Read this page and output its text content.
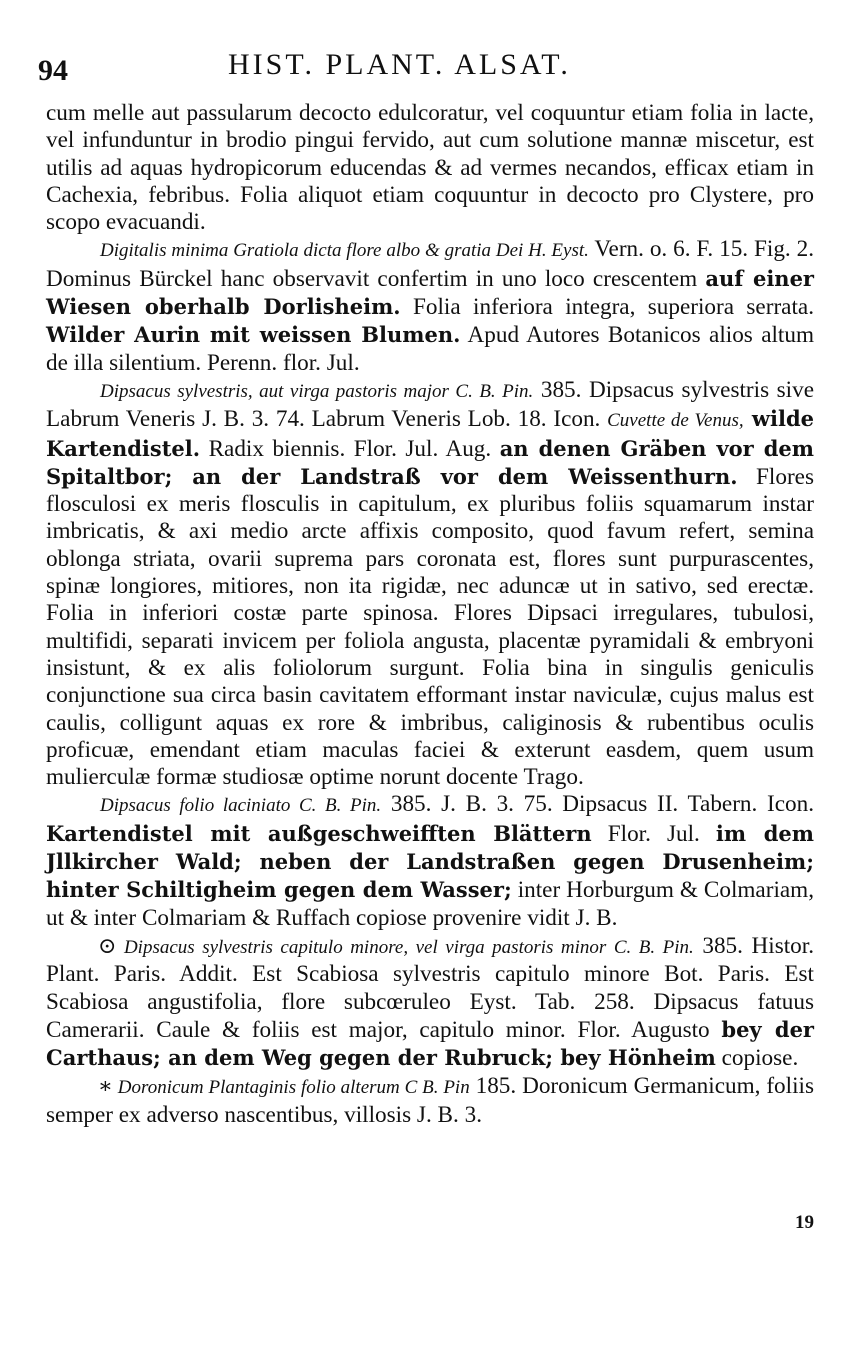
94	HIST. PLANT. ALSAT.

cum melle aut passularum decocto edulcoratur, vel coquuntur etiam folia in lacte, vel infunduntur in brodio pingui fervido, aut cum solutione mannæ miscetur, est utilis ad aquas hydropicorum educendas & ad vermes necandos, efficax etiam in Cachexia, febribus. Folia aliquot etiam coquuntur in decocto pro Clystere, pro scopo evacuandi.

Digitalis minima Gratiola dicta flore albo & gratia Dei H. Eyst. Vern. o. 6. F. 15. Fig. 2. Dominus Bürckel hanc observavit confertim in uno loco crescentem auf einer Wiesen oberhalb Dorlisheim. Folia inferiora integra, superiora serrata. Wilder Aurin mit weissen Blumen. Apud Autores Botanicos alios altum de illa silentium. Perenn. flor. Jul.

Dipsacus sylvestris, aut virga pastoris major C. B. Pin. 385. Dipsacus sylvestris sive Labrum Veneris J. B. 3. 74. Labrum Veneris Lob. 18. Icon. Cuvette de Venus, wilde Kartendistel. Radix biennis. Flor. Jul. Aug. an denen Gräben vor dem Spitaltbor; an der Landstraß vor dem Weissenthurn. Flores flosculosi ex meris flosculis in capitulum, ex pluribus foliis squamarum instar imbricatis, & axi medio arcte affixis composito, quod favum refert, semina oblonga striata, ovarii suprema pars coronata est, flores sunt purpurascentes, spinæ longiores, mitiores, non ita rigidæ, nec aduncæ ut in sativo, sed erectæ. Folia in inferiori costæ parte spinosa. Flores Dipsaci irregulares, tubulosi, multifidi, separati invicem per foliola angusta, placentæ pyramidali & embryoni insistunt, & ex alis foliolorum surgunt. Folia bina in singulis geniculis conjunctione sua circa basin cavitatem efformant instar naviculæ, cujus malus est caulis, colligunt aquas ex rore & imbribus, caliginosis & rubentibus oculis proficuæ, emendant etiam maculas faciei & exterunt easdem, quem usum mulierculæ formæ studiosæ optime norunt docente Trago.

Dipsacus folio laciniato C. B. Pin. 385. J. B. 3. 75. Dipsacus II. Tabern. Icon. Kartendistel mit außgeschweifften Blättern Flor. Jul. im dem Jllkircher Wald; neben der Landstraßen gegen Drusenheim; hinter Schiltigheim gegen dem Wasser; inter Horburgum & Colmariam, ut & inter Colmariam & Ruffach copiose provenire vidit J. B.

⊙ Dipsacus sylvestris capitulo minore, vel virga pastoris minor C. B. Pin. 385. Histor. Plant. Paris. Addit. Est Scabiosa sylvestris capitulo minore Bot. Paris. Est Scabiosa angustifolia, flore subcœruleo Eyst. Tab. 258. Dipsacus fatuus Camerarii. Caule & foliis est major, capitulo minor. Flor. Augusto bey der Carthaus; an dem Weg gegen der Rubruck; bey Hönheim copiose.

∗ Doronicum Plantaginis folio alterum C B. Pin 185. Doronicum Germanicum, foliis semper ex adverso nascentibus, villosis J. B. 3.

19
